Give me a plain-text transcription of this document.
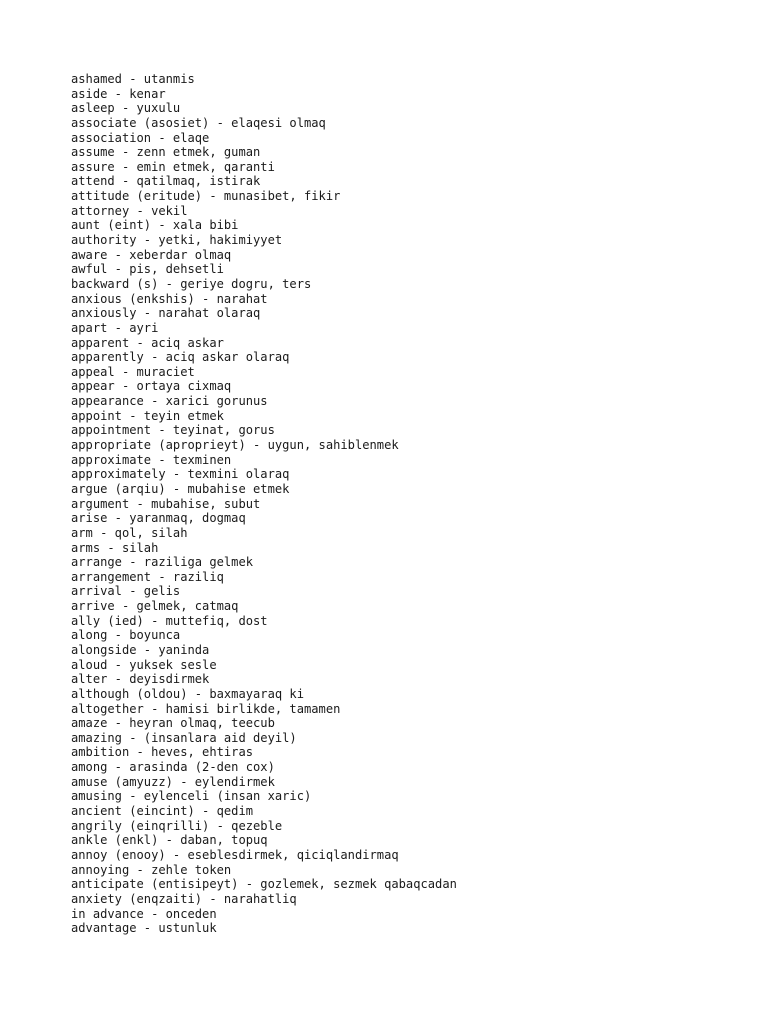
ashamed - utanmis
aside - kenar
asleep - yuxulu
associate (asosiet) - elaqesi olmaq
association - elaqe
assume - zenn etmek, guman
assure - emin etmek, qaranti
attend - qatilmaq, istirak
attitude (eritude) - munasibet, fikir
attorney - vekil
aunt (eint) - xala bibi
authority - yetki, hakimiyyet
aware - xeberdar olmaq
awful - pis, dehsetli
backward (s) - geriye dogru, ters
anxious (enkshis) - narahat
anxiously - narahat olaraq
apart - ayri
apparent - aciq askar
apparently - aciq askar olaraq
appeal - muraciet
appear - ortaya cixmaq
appearance - xarici gorunus
appoint - teyin etmek
appointment - teyinat, gorus
appropriate (aproprieyt) - uygun, sahiblenmek
approximate - texminen
approximately - texmini olaraq
argue (arqiu) - mubahise etmek
argument - mubahise, subut
arise - yaranmaq, dogmaq
arm - qol, silah
arms - silah
arrange - raziliga gelmek
arrangement - raziliq
arrival - gelis
arrive - gelmek, catmaq
ally (ied) - muttefiq, dost
along - boyunca
alongside - yaninda
aloud - yuksek sesle
alter - deyisdirmek
although (oldou) - baxmayaraq ki
altogether - hamisi birlikde, tamamen
amaze - heyran olmaq, teecub
amazing - (insanlara aid deyil)
ambition - heves, ehtiras
among - arasinda (2-den cox)
amuse (amyuzz) - eylendirmek
amusing - eylenceli (insan xaric)
ancient (eincint) - qedim
angrily (einqrilli) - qezeble
ankle (enkl) - daban, topuq
annoy (enooy) - eseblesdirmek, qiciqlandirmaq
annoying - zehle token
anticipate (entisipeyt) - gozlemek, sezmek qabaqcadan
anxiety (enqzaiti) - narahatliq
in advance - onceden
advantage - ustunluk
